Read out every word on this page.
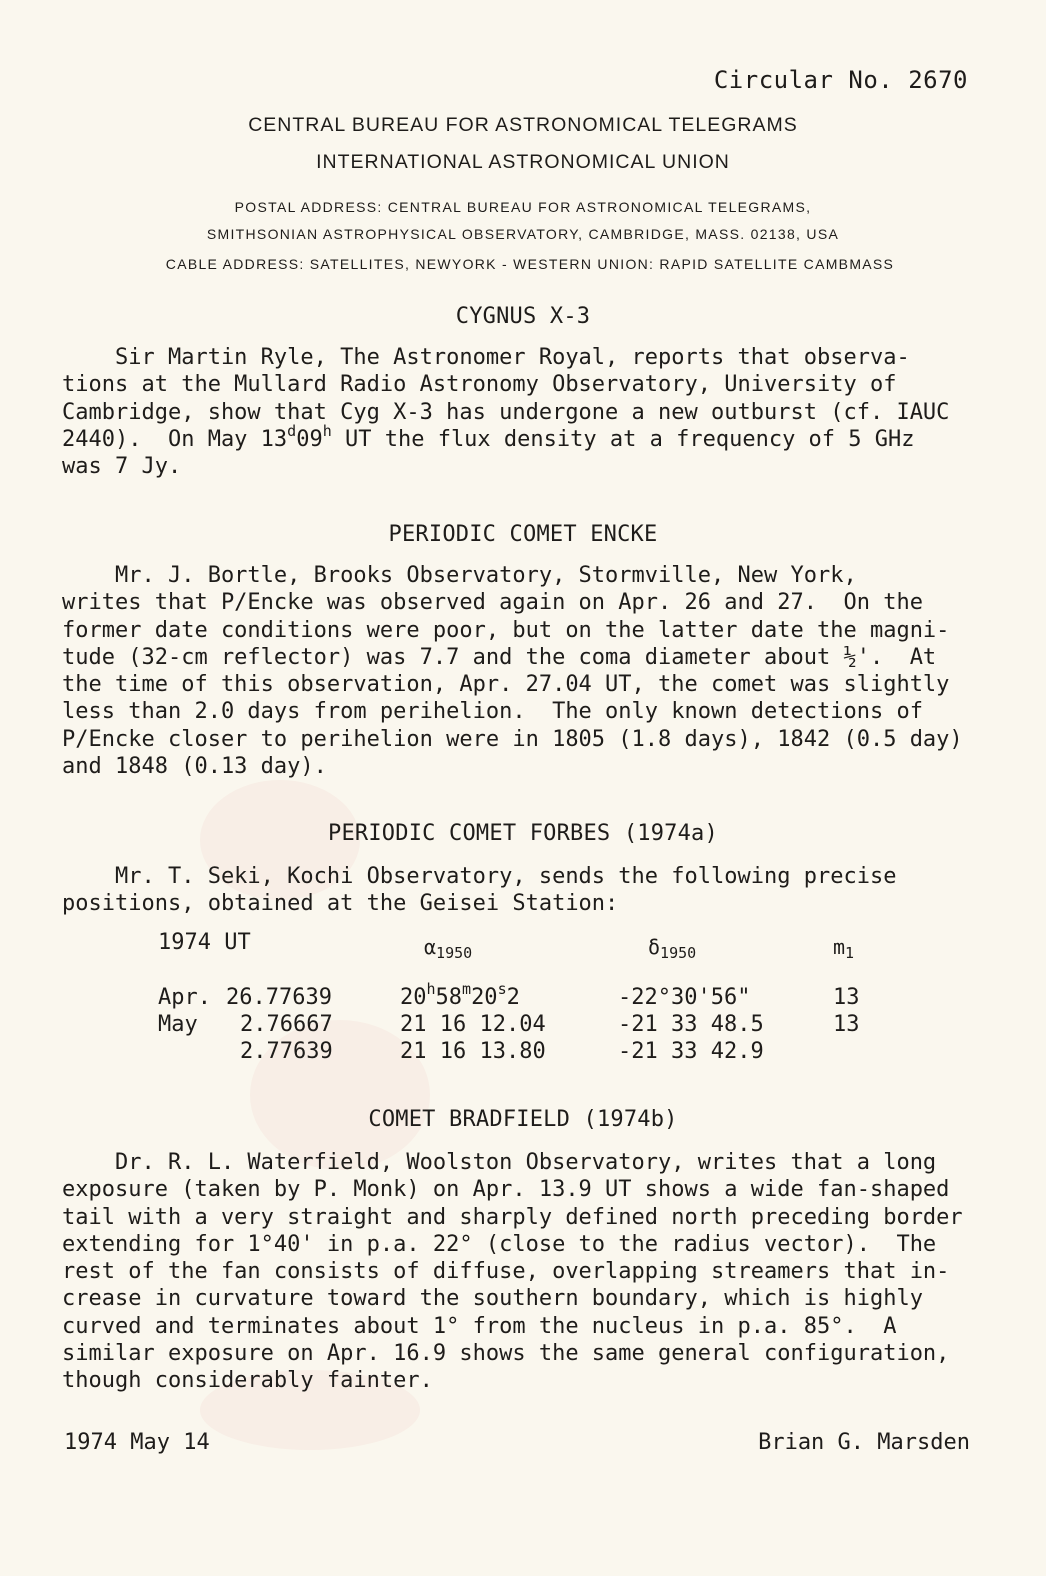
Circular No. 2670
CENTRAL BUREAU FOR ASTRONOMICAL TELEGRAMS
INTERNATIONAL ASTRONOMICAL UNION
POSTAL ADDRESS: CENTRAL BUREAU FOR ASTRONOMICAL TELEGRAMS,
SMITHSONIAN ASTROPHYSICAL OBSERVATORY, CAMBRIDGE, MASS. 02138, USA
CABLE ADDRESS: SATELLITES, NEWYORK - WESTERN UNION: RAPID SATELLITE CAMBMASS
CYGNUS X-3
Sir Martin Ryle, The Astronomer Royal, reports that observa-
tions at the Mullard Radio Astronomy Observatory, University of
Cambridge, show that Cyg X-3 has undergone a new outburst (cf. IAUC
2440).  On May 13$^d$09$^h$ UT the flux density at a frequency of 5 GHz
was 7 Jy.
PERIODIC COMET ENCKE
Mr. J. Bortle, Brooks Observatory, Stormville, New York,
writes that P/Encke was observed again on Apr. 26 and 27.  On the
former date conditions were poor, but on the latter date the magni-
tude (32-cm reflector) was 7.7 and the coma diameter about ½'.  At
the time of this observation, Apr. 27.04 UT, the comet was slightly
less than 2.0 days from perihelion.  The only known detections of
P/Encke closer to perihelion were in 1805 (1.8 days), 1842 (0.5 day)
and 1848 (0.13 day).
PERIODIC COMET FORBES (1974a)
Mr. T. Seki, Kochi Observatory, sends the following precise
positions, obtained at the Geisei Station:
1974 UT	$\alpha_{1950}$	$\delta_{1950}$	$m_1$
Apr. 26.77639	20$^h$58$^m$20$^s$2	-22°30'56"	13
May 2.76667	21 16 12.04	-21 33 48.5	13
2.77639	21 16 13.80	-21 33 42.9
COMET BRADFIELD (1974b)
Dr. R. L. Waterfield, Woolston Observatory, writes that a long
exposure (taken by P. Monk) on Apr. 13.9 UT shows a wide fan-shaped
tail with a very straight and sharply defined north preceding border
extending for 1°40' in p.a. 22° (close to the radius vector).  The
rest of the fan consists of diffuse, overlapping streamers that in-
crease in curvature toward the southern boundary, which is highly
curved and terminates about 1° from the nucleus in p.a. 85°.  A
similar exposure on Apr. 16.9 shows the same general configuration,
though considerably fainter.
1974 May 14	Brian G. Marsden
